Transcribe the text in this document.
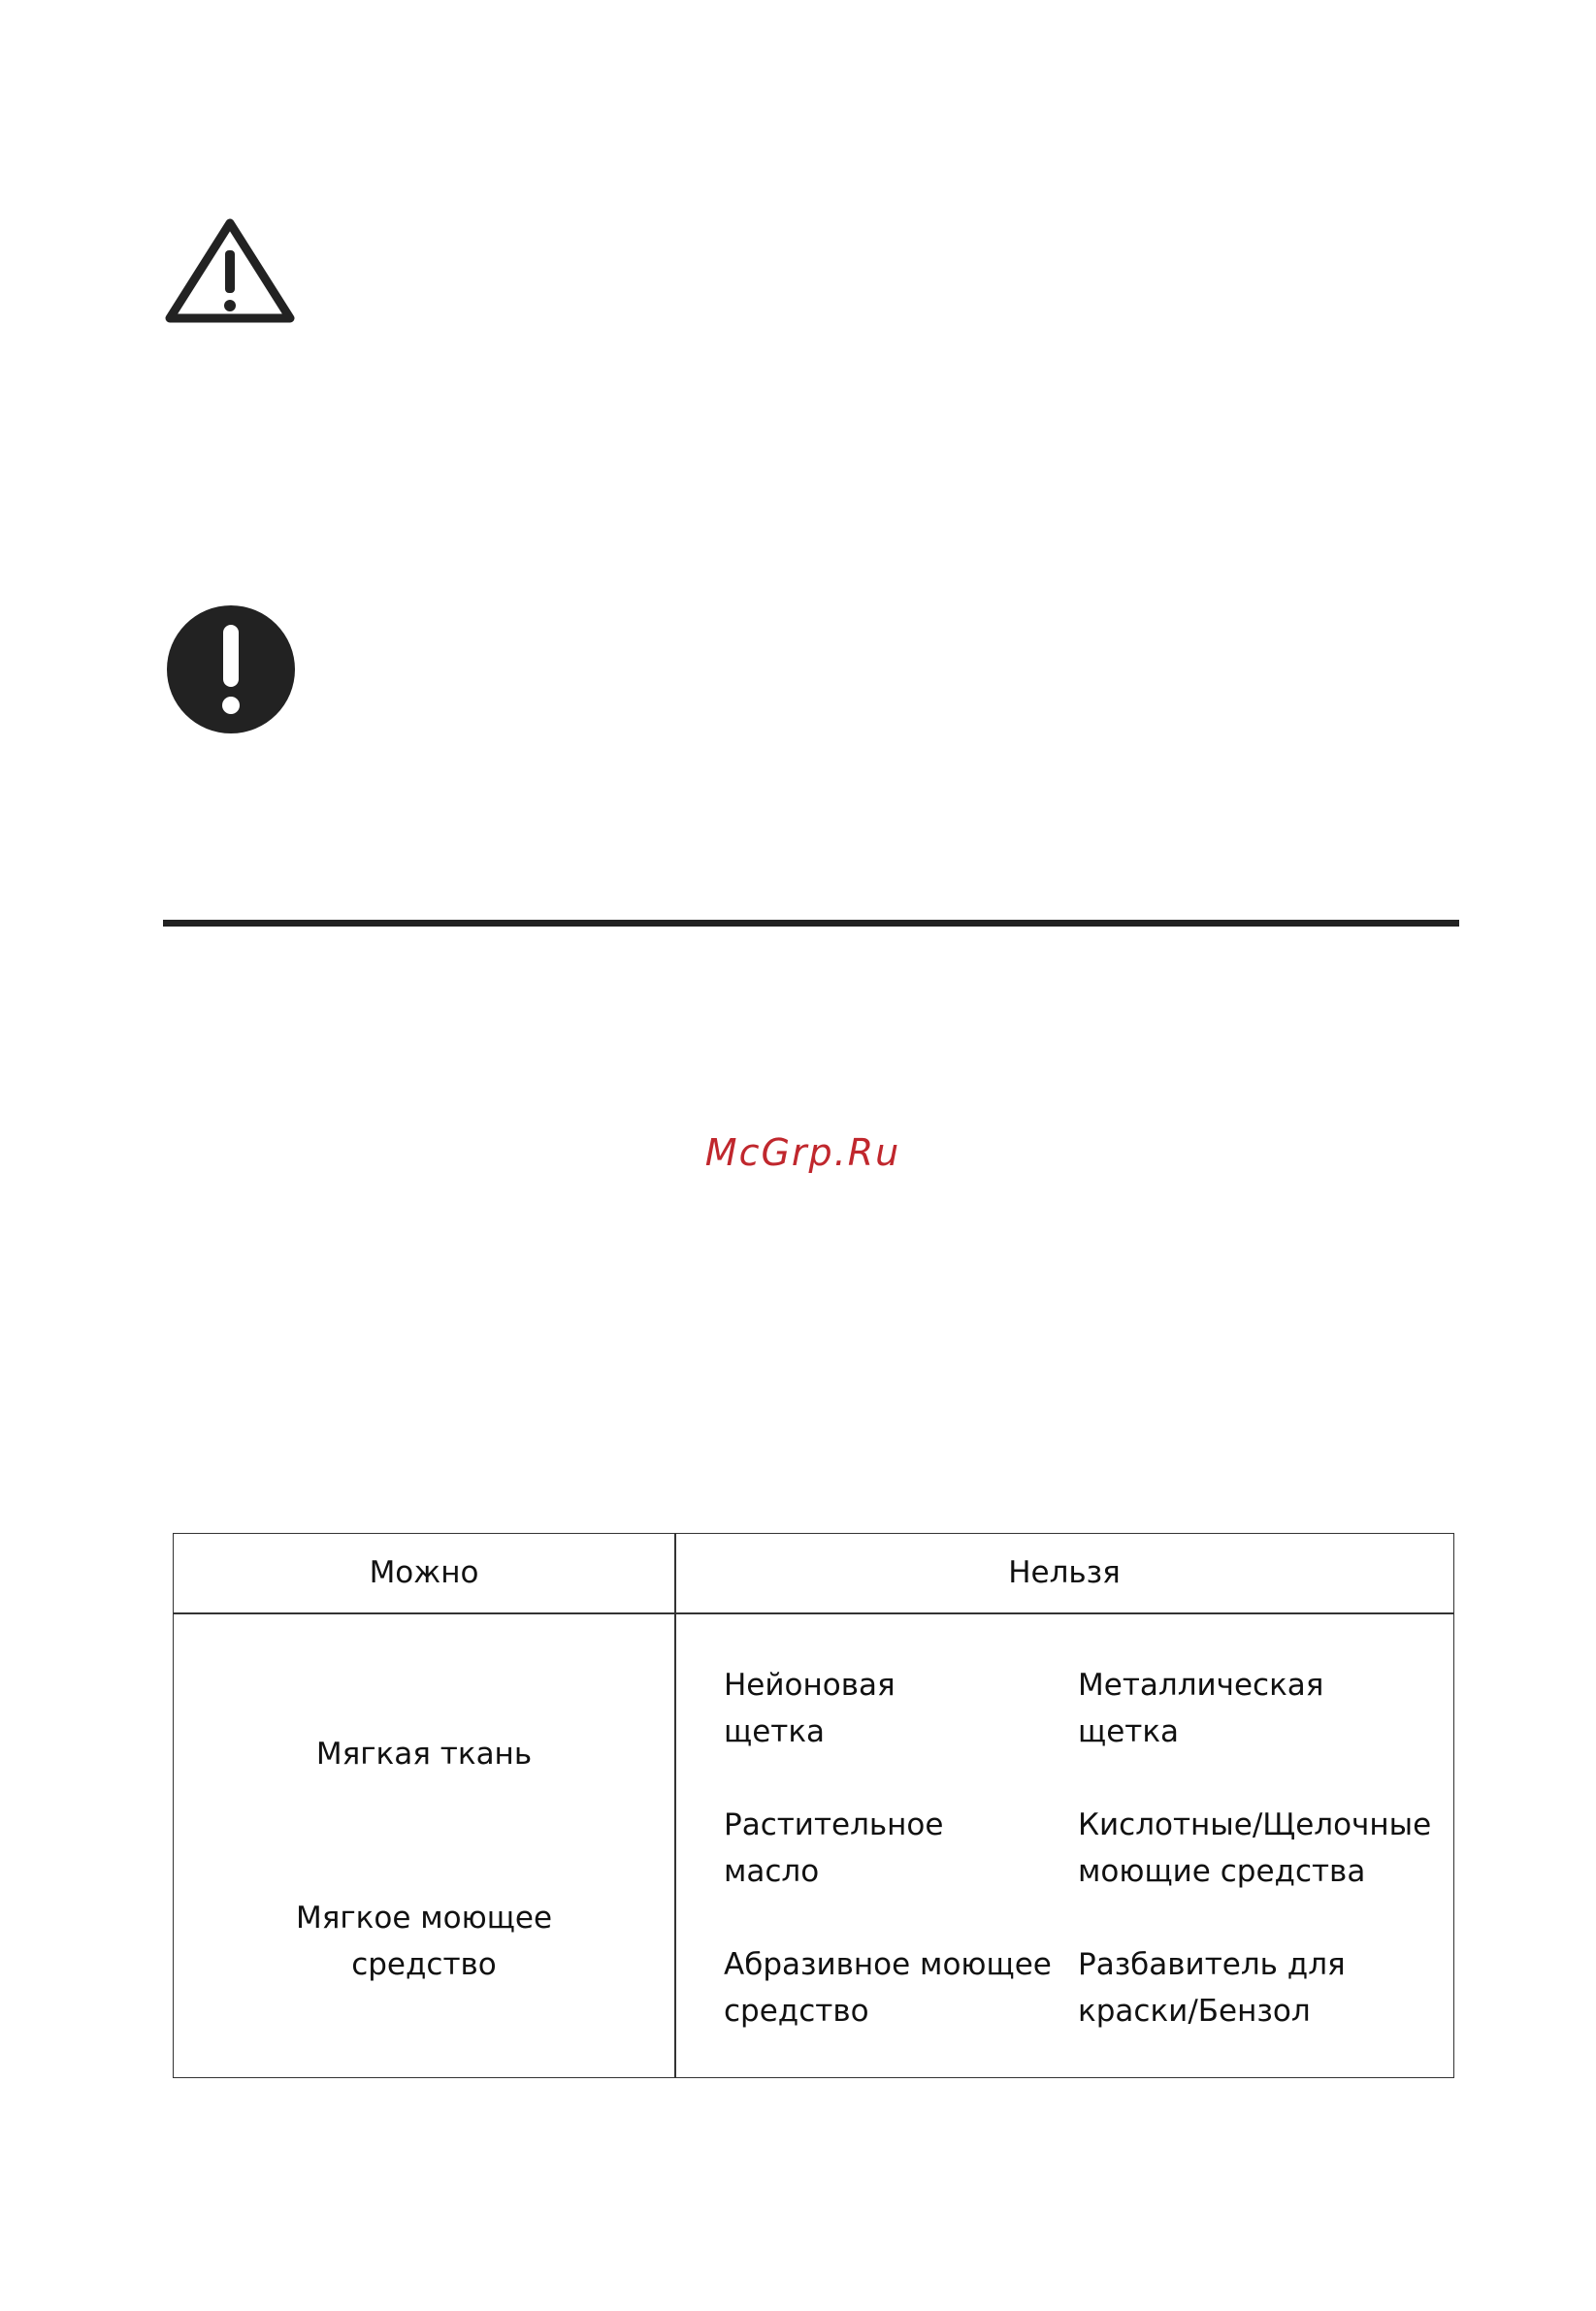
McGrp.Ru
Можно	Нельзя
Мягкая ткань
Мягкое моющее
средство
Нейоновая
щетка
Металлическая
щетка
Растительное
масло
Кислотные/Щелочные
моющие средства
Абразивное моющее
средство
Разбавитель для
краски/Бензол
